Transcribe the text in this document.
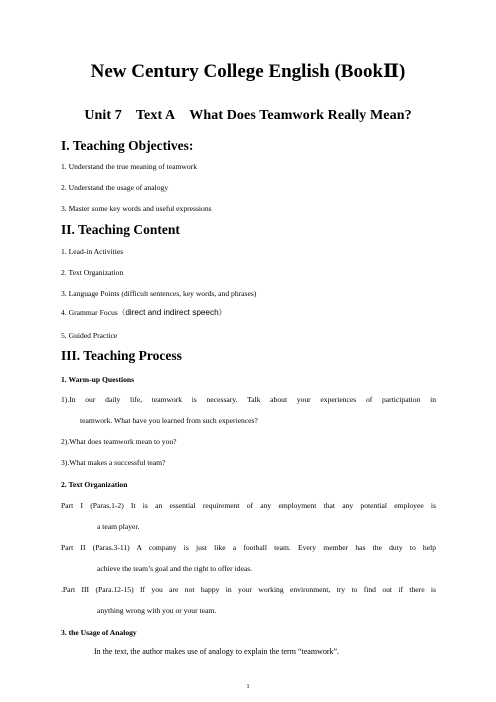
New Century College English (BookⅡ)
Unit 7 Text A What Does Teamwork Really Mean?
I. Teaching Objectives:

1. Understand the true meaning of teamwork

2. Understand the usage of analogy

3. Master some key words and useful expressions

II. Teaching Content

1. Lead-in Activities

2. Text Organization

3. Language Points (difficult sentences, key words, and phrases)

4. Grammar Focus（direct and indirect speech）

5. Guided Practice

III. Teaching Process

1. Warm-up Questions

1).In our daily life, teamwork is necessary. Talk about your experiences of participation in

teamwork. What have you learned from such experiences?

2).What does teamwork mean to you?

3).What makes a successful team?

2. Text Organization

Part I (Paras.1-2) It is an essential requirement of any employment that any potential employee is

a team player.

Part II (Paras.3-11) A company is just like a football team. Every member has the duty to help

achieve the team’s goal and the right to offer ideas.

.Part III (Para.12-15) If you are not happy in your working environment, try to find out if there is

anything wrong with you or your team.

3. the Usage of Analogy

In the text, the author makes use of analogy to explain the term “teamwork”.

1
